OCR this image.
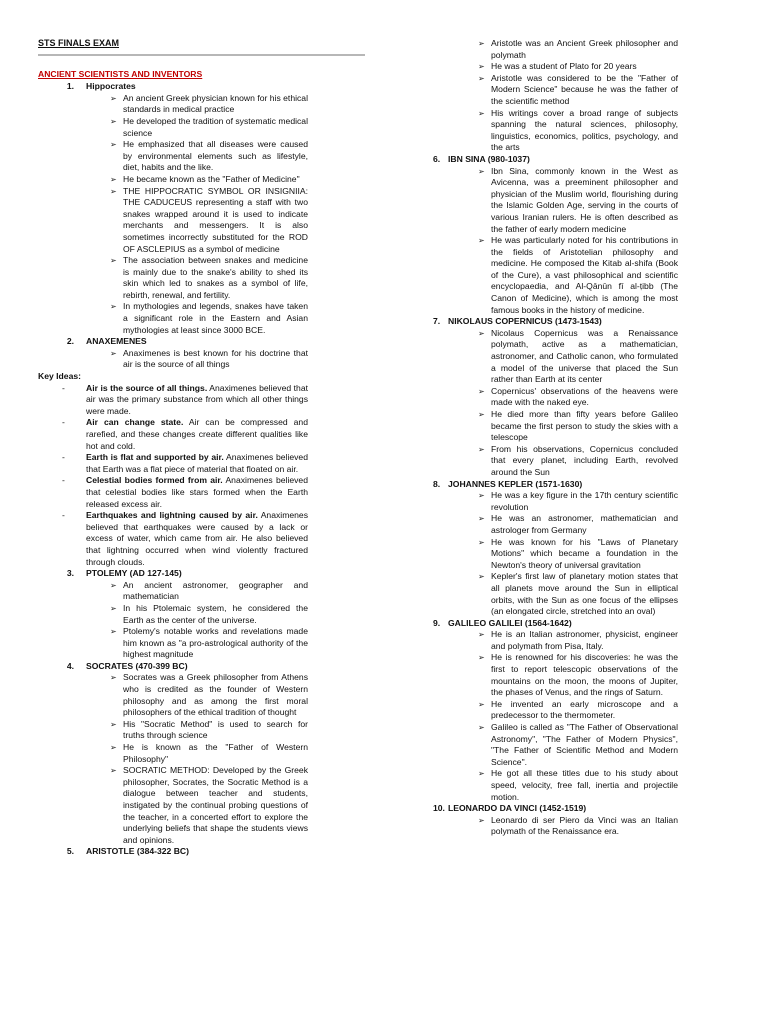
STS FINALS EXAM
ANCIENT SCIENTISTS AND INVENTORS
1.	Hippocrates
➢ An ancient Greek physician known for his ethical standards in medical practice
➢ He developed the tradition of systematic medical science
➢ He emphasized that all diseases were caused by environmental elements such as lifestyle, diet, habits and the like.
➢ He became known as the "Father of Medicine"
➢ THE HIPPOCRATIC SYMBOL OR INSIGNIIA: THE CADUCEUS representing a staff with two snakes wrapped around it is used to indicate merchants and messengers. It is also sometimes incorrectly substituted for the ROD OF ASCLEPIUS as a symbol of medicine
➢ The association between snakes and medicine is mainly due to the snake's ability to shed its skin which led to snakes as a symbol of life, rebirth, renewal, and fertility.
➢ In mythologies and legends, snakes have taken a significant role in the Eastern and Asian mythologies at least since 3000 BCE.
2.	ANAXEMENES
➢ Anaximenes is best known for his doctrine that air is the source of all things
Key Ideas:
-	Air is the source of all things. Anaximenes believed that air was the primary substance from which all other things were made.
-	Air can change state. Air can be compressed and rarefied, and these changes create different qualities like hot and cold.
-	Earth is flat and supported by air. Anaximenes believed that Earth was a flat piece of material that floated on air.
-	Celestial bodies formed from air. Anaximenes believed that celestial bodies like stars formed when the Earth released excess air.
-	Earthquakes and lightning caused by air. Anaximenes believed that earthquakes were caused by a lack or excess of water, which came from air. He also believed that lightning occurred when wind violently fractured through clouds.
3.	PTOLEMY (AD 127-145)
➢ An ancient astronomer, geographer and mathematician
➢ In his Ptolemaic system, he considered the Earth as the center of the universe.
➢ Ptolemy's notable works and revelations made him known as "a pro-astrological authority of the highest magnitude
4.	SOCRATES (470-399 BC)
➢ Socrates was a Greek philosopher from Athens who is credited as the founder of Western philosophy and as among the first moral philosophers of the ethical tradition of thought
➢ His "Socratic Method" is used to search for truths through science
➢ He is known as the "Father of Western Philosophy"
➢ SOCRATIC METHOD: Developed by the Greek philosopher, Socrates, the Socratic Method is a dialogue between teacher and students, instigated by the continual probing questions of the teacher, in a concerted effort to explore the underlying beliefs that shape the students views and opinions.
5.	ARISTOTLE (384-322 BC)
➢ Aristotle was an Ancient Greek philosopher and polymath
➢ He was a student of Plato for 20 years
➢ Aristotle was considered to be the "Father of Modern Science" because he was the father of the scientific method
➢ His writings cover a broad range of subjects spanning the natural sciences, philosophy, linguistics, economics, politics, psychology, and the arts
6. IBN SINA (980-1037)
➢ Ibn Sina, commonly known in the West as Avicenna, was a preeminent philosopher and physician of the Muslim world, flourishing during the Islamic Golden Age, serving in the courts of various Iranian rulers. He is often described as the father of early modern medicine
➢ He was particularly noted for his contributions in the fields of Aristotelian philosophy and medicine. He composed the Kitab al-shifa (Book of the Cure), a vast philosophical and scientific encyclopaedia, and Al-Qānūn fī al-ṭibb (The Canon of Medicine), which is among the most famous books in the history of medicine.
7. NIKOLAUS COPERNICUS (1473-1543)
➢ Nicolaus Copernicus was a Renaissance polymath, active as a mathematician, astronomer, and Catholic canon, who formulated a model of the universe that placed the Sun rather than Earth at its center
➢ Copernicus' observations of the heavens were made with the naked eye.
➢ He died more than fifty years before Galileo became the first person to study the skies with a telescope
➢ From his observations, Copernicus concluded that every planet, including Earth, revolved around the Sun
8. JOHANNES KEPLER (1571-1630)
➢ He was a key figure in the 17th century scientific revolution
➢ He was an astronomer, mathematician and astrologer from Germany
➢ He was known for his "Laws of Planetary Motions" which became a foundation in the Newton's theory of universal gravitation
➢ Kepler's first law of planetary motion states that all planets move around the Sun in elliptical orbits, with the Sun as one focus of the ellipses (an elongated circle, stretched into an oval)
9. GALILEO GALILEI (1564-1642)
➢ He is an Italian astronomer, physicist, engineer and polymath from Pisa, Italy.
➢ He is renowned for his discoveries: he was the first to report telescopic observations of the mountains on the moon, the moons of Jupiter, the phases of Venus, and the rings of Saturn.
➢ He invented an early microscope and a predecessor to the thermometer.
➢ Galileo is called as "The Father of Observational Astronomy", "The Father of Modern Physics", "The Father of Scientific Method and Modern Science".
➢ He got all these titles due to his study about speed, velocity, free fall, inertia and projectile motion.
10. LEONARDO DA VINCI (1452-1519)
➢ Leonardo di ser Piero da Vinci was an Italian polymath of the Renaissance era.
